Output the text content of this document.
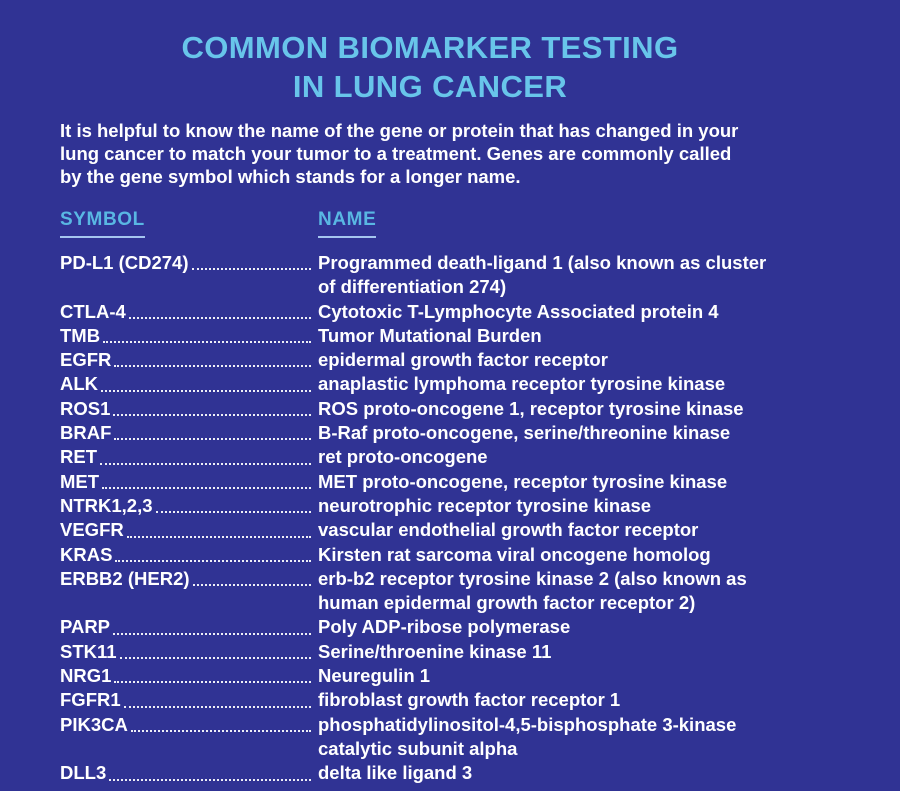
COMMON BIOMARKER TESTING
IN LUNG CANCER
It is helpful to know the name of the gene or protein that has changed in your
lung cancer to match your tumor to a treatment. Genes are commonly called
by the gene symbol which stands for a longer name.
SYMBOL	NAME
PD-L1 (CD274)	Programmed death-ligand 1 (also known as cluster
of differentiation 274)
CTLA-4	Cytotoxic T-Lymphocyte Associated protein 4
TMB	Tumor Mutational Burden
EGFR	epidermal growth factor receptor
ALK	anaplastic lymphoma receptor tyrosine kinase
ROS1	ROS proto-oncogene 1, receptor tyrosine kinase
BRAF	B-Raf proto-oncogene, serine/threonine kinase
RET	ret proto-oncogene
MET	MET proto-oncogene, receptor tyrosine kinase
NTRK1,2,3	neurotrophic receptor tyrosine kinase
VEGFR	vascular endothelial growth factor receptor
KRAS	Kirsten rat sarcoma viral oncogene homolog
ERBB2 (HER2)	erb-b2 receptor tyrosine kinase 2 (also known as
human epidermal growth factor receptor 2)
PARP	Poly ADP-ribose polymerase
STK11	Serine/throenine kinase 11
NRG1	Neuregulin 1
FGFR1	fibroblast growth factor receptor 1
PIK3CA	phosphatidylinositol-4,5-bisphosphate 3-kinase
catalytic subunit alpha
DLL3	delta like ligand 3
